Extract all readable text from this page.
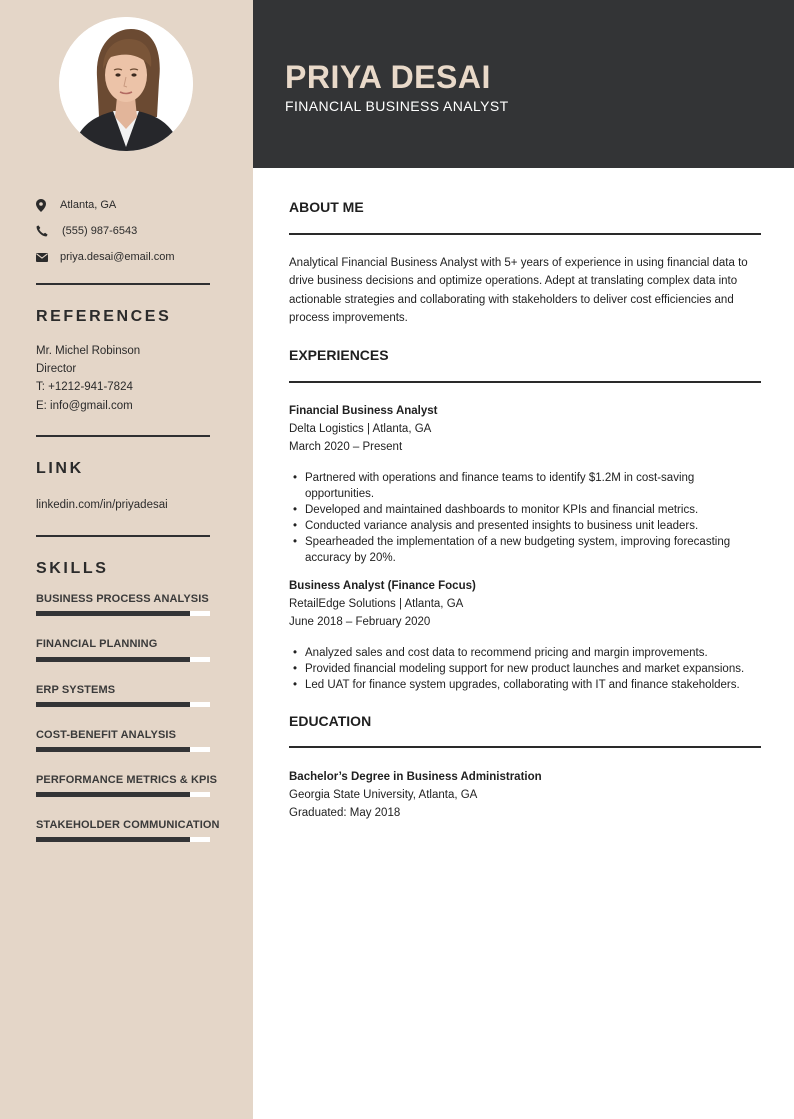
PRIYA DESAI
FINANCIAL BUSINESS ANALYST
Atlanta, GA
(555) 987-6543
priya.desai@email.com
REFERENCES
Mr. Michel Robinson
Director
T: +1212-941-7824
E: info@gmail.com
LINK
linkedin.com/in/priyadesai
SKILLS
BUSINESS PROCESS ANALYSIS
FINANCIAL PLANNING
ERP SYSTEMS
COST-BENEFIT ANALYSIS
PERFORMANCE METRICS & KPIS
STAKEHOLDER COMMUNICATION
ABOUT ME
Analytical Financial Business Analyst with 5+ years of experience in using financial data to drive business decisions and optimize operations. Adept at translating complex data into actionable strategies and collaborating with stakeholders to deliver cost efficiencies and process improvements.
EXPERIENCES
Financial Business Analyst
Delta Logistics | Atlanta, GA
March 2020 – Present
• Partnered with operations and finance teams to identify $1.2M in cost-saving opportunities.
• Developed and maintained dashboards to monitor KPIs and financial metrics.
• Conducted variance analysis and presented insights to business unit leaders.
• Spearheaded the implementation of a new budgeting system, improving forecasting accuracy by 20%.
Business Analyst (Finance Focus)
RetailEdge Solutions | Atlanta, GA
June 2018 – February 2020
• Analyzed sales and cost data to recommend pricing and margin improvements.
• Provided financial modeling support for new product launches and market expansions.
• Led UAT for finance system upgrades, collaborating with IT and finance stakeholders.
EDUCATION
Bachelor’s Degree in Business Administration
Georgia State University, Atlanta, GA
Graduated: May 2018
